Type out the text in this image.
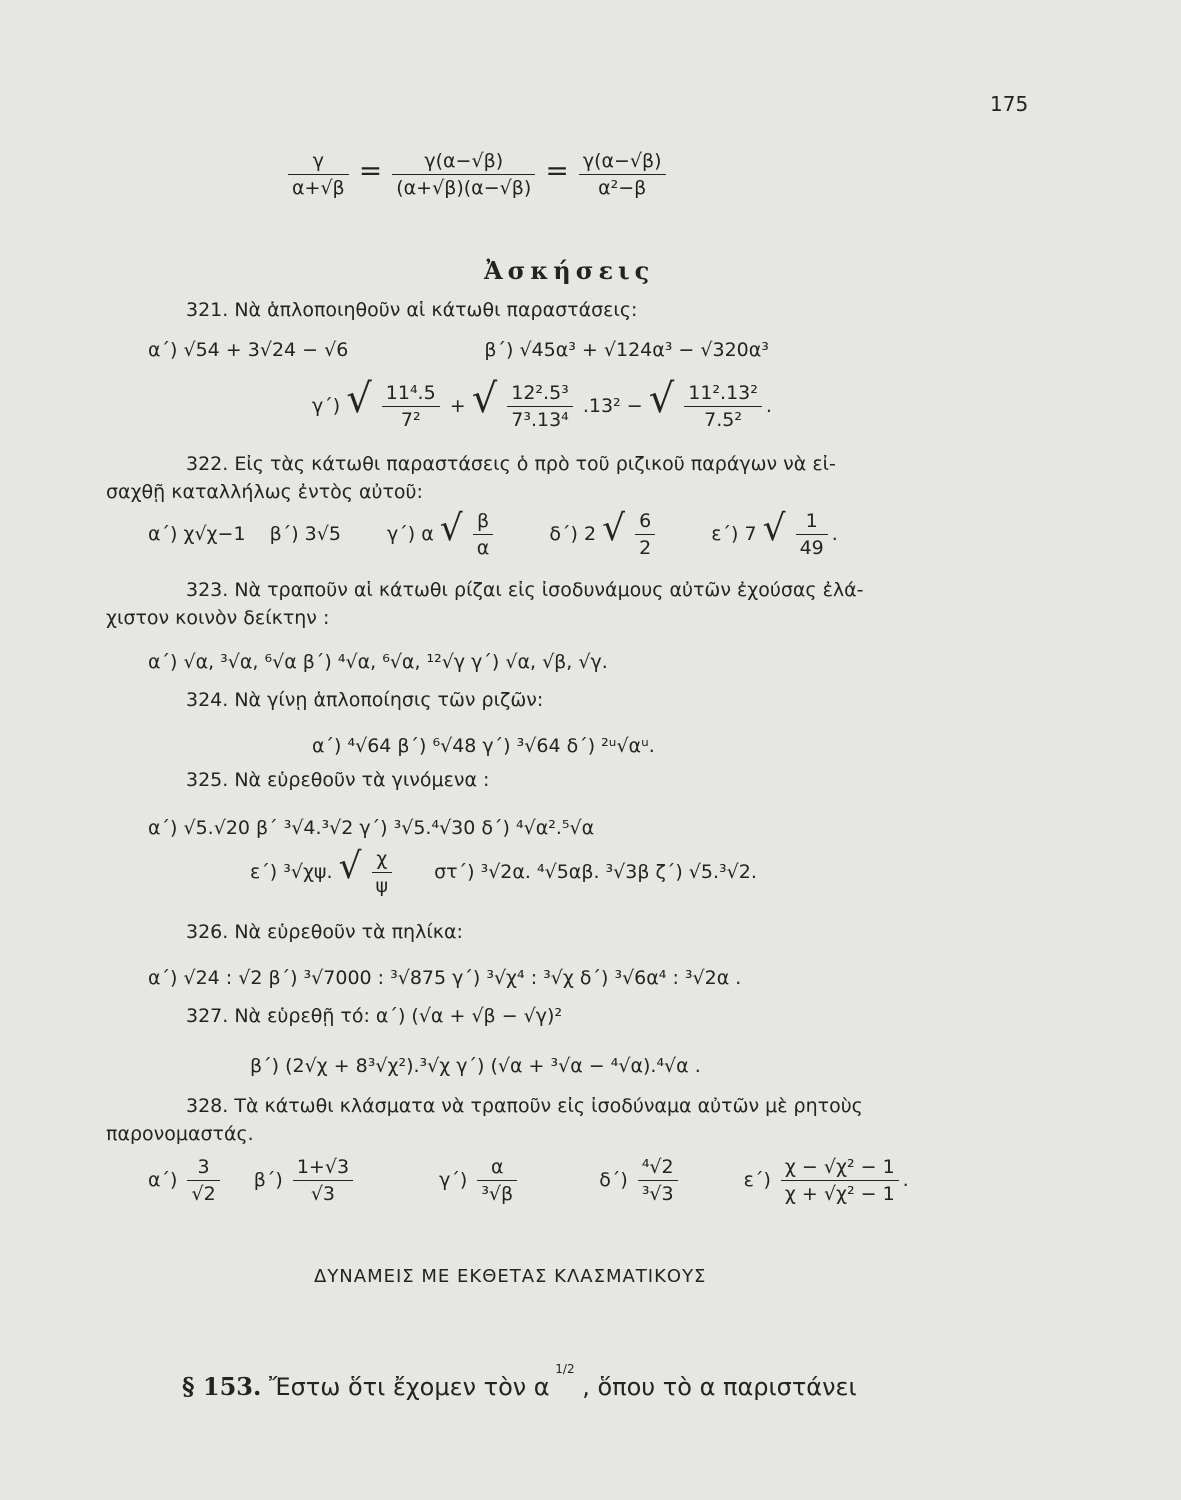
175
$\frac{\gamma}{\alpha+√\beta} = \frac{\gamma(\alpha-√\beta)}{(\alpha+√\beta)(\alpha-√\beta)} = \frac{\gamma(\alpha-√\beta)}{\text{α²−β}}$
Ἀσκήσεις
321. Νὰ ἁπλοποιηθοῦν αἱ κάτωθι παραστάσεις:
α΄) √54 + 3√24 − √6	β΄) √45α³ + √124α³ − √320α³
γ΄) √ $\frac{\text{11⁴.5}}{\text{7²}}$ + √ $\frac{\text{12².5³}}{\text{7³.13⁴}} .13^2$ − √ $\frac{\text{11².13²}}{\text{7.5²}}$ .
322. Εἰς τὰς κάτωθι παραστάσεις ὁ πρὸ τοῦ ριζικοῦ παράγων νὰ εἰ-
σαχθῇ καταλλήλως ἐντὸς αὐτοῦ:
α΄) χ√χ−1 β΄) 3√5 γ΄) α √ $\frac{\beta}{\alpha}$	δ΄) 2 √ $\frac{6}{2}$	ε΄) 7 √ $\frac{1}{49}$ .
323. Νὰ τραποῦν αἱ κάτωθι ρίζαι εἰς ἰσοδυνάμους αὐτῶν ἐχούσας ἐλά-
χιστον κοινὸν δείκτην :
α΄) √α, ³√α, ⁶√α β΄) ⁴√α, ⁶√α, ¹²√γ γ΄) √α, √β, √γ.
324. Νὰ γίνῃ ἁπλοποίησις τῶν ριζῶν:
α΄) ⁴√64 β΄) ⁶√48 γ΄) ³√64 δ΄) ²ᵘ√αᵘ.
325. Νὰ εὑρεθοῦν τὰ γινόμενα :
α΄) √5.√20 β΄ ³√4.³√2 γ΄) ³√5.⁴√30 δ΄) ⁴√α².⁵√α
ε΄) ³√χψ. √ $\frac{\chi}{\psi} \sigma\tau΄$) ³√2α. ⁴√5αβ. ³√3β ζ΄) √5.³√2.
326. Νὰ εὑρεθοῦν τὰ πηλίκα:
α΄) √24 : √2 β΄) ³√7000 : ³√875 γ΄) ³√χ⁴ : ³√χ δ΄) ³√6α⁴ : ³√2α .
327. Νὰ εὑρεθῇ τό: α΄) (√α + √β − √γ)²
β΄) (2√χ + 8³√χ²).³√χ γ΄) (√α + ³√α − ⁴√α).⁴√α .
328. Τὰ κάτωθι κλάσματα νὰ τραποῦν εἰς ἰσοδύναμα αὐτῶν μὲ ρητοὺς
παρονομαστάς.
$\alpha΄) \frac{3}{√2} \beta΄) \frac{1+√3}{√3}$	$\gamma΄) \frac{\alpha}{\text{³√β}}$	$\delta΄) \frac{\text{⁴√2}}{\text{³√3}}$	$\varepsilon΄) \frac{\text{χ − √χ² − 1}}{\text{χ + √χ² − 1}}$ .
ΔΥΝΑΜΕΙΣ ΜΕ ΕΚΘΕΤΑΣ ΚΛΑΣΜΑΤΙΚΟΥΣ
§ 153. Ἔστω ὅτι ἔχομεν τὸν α $^{1/2}$ , ὅπου τὸ α παριστάνει
